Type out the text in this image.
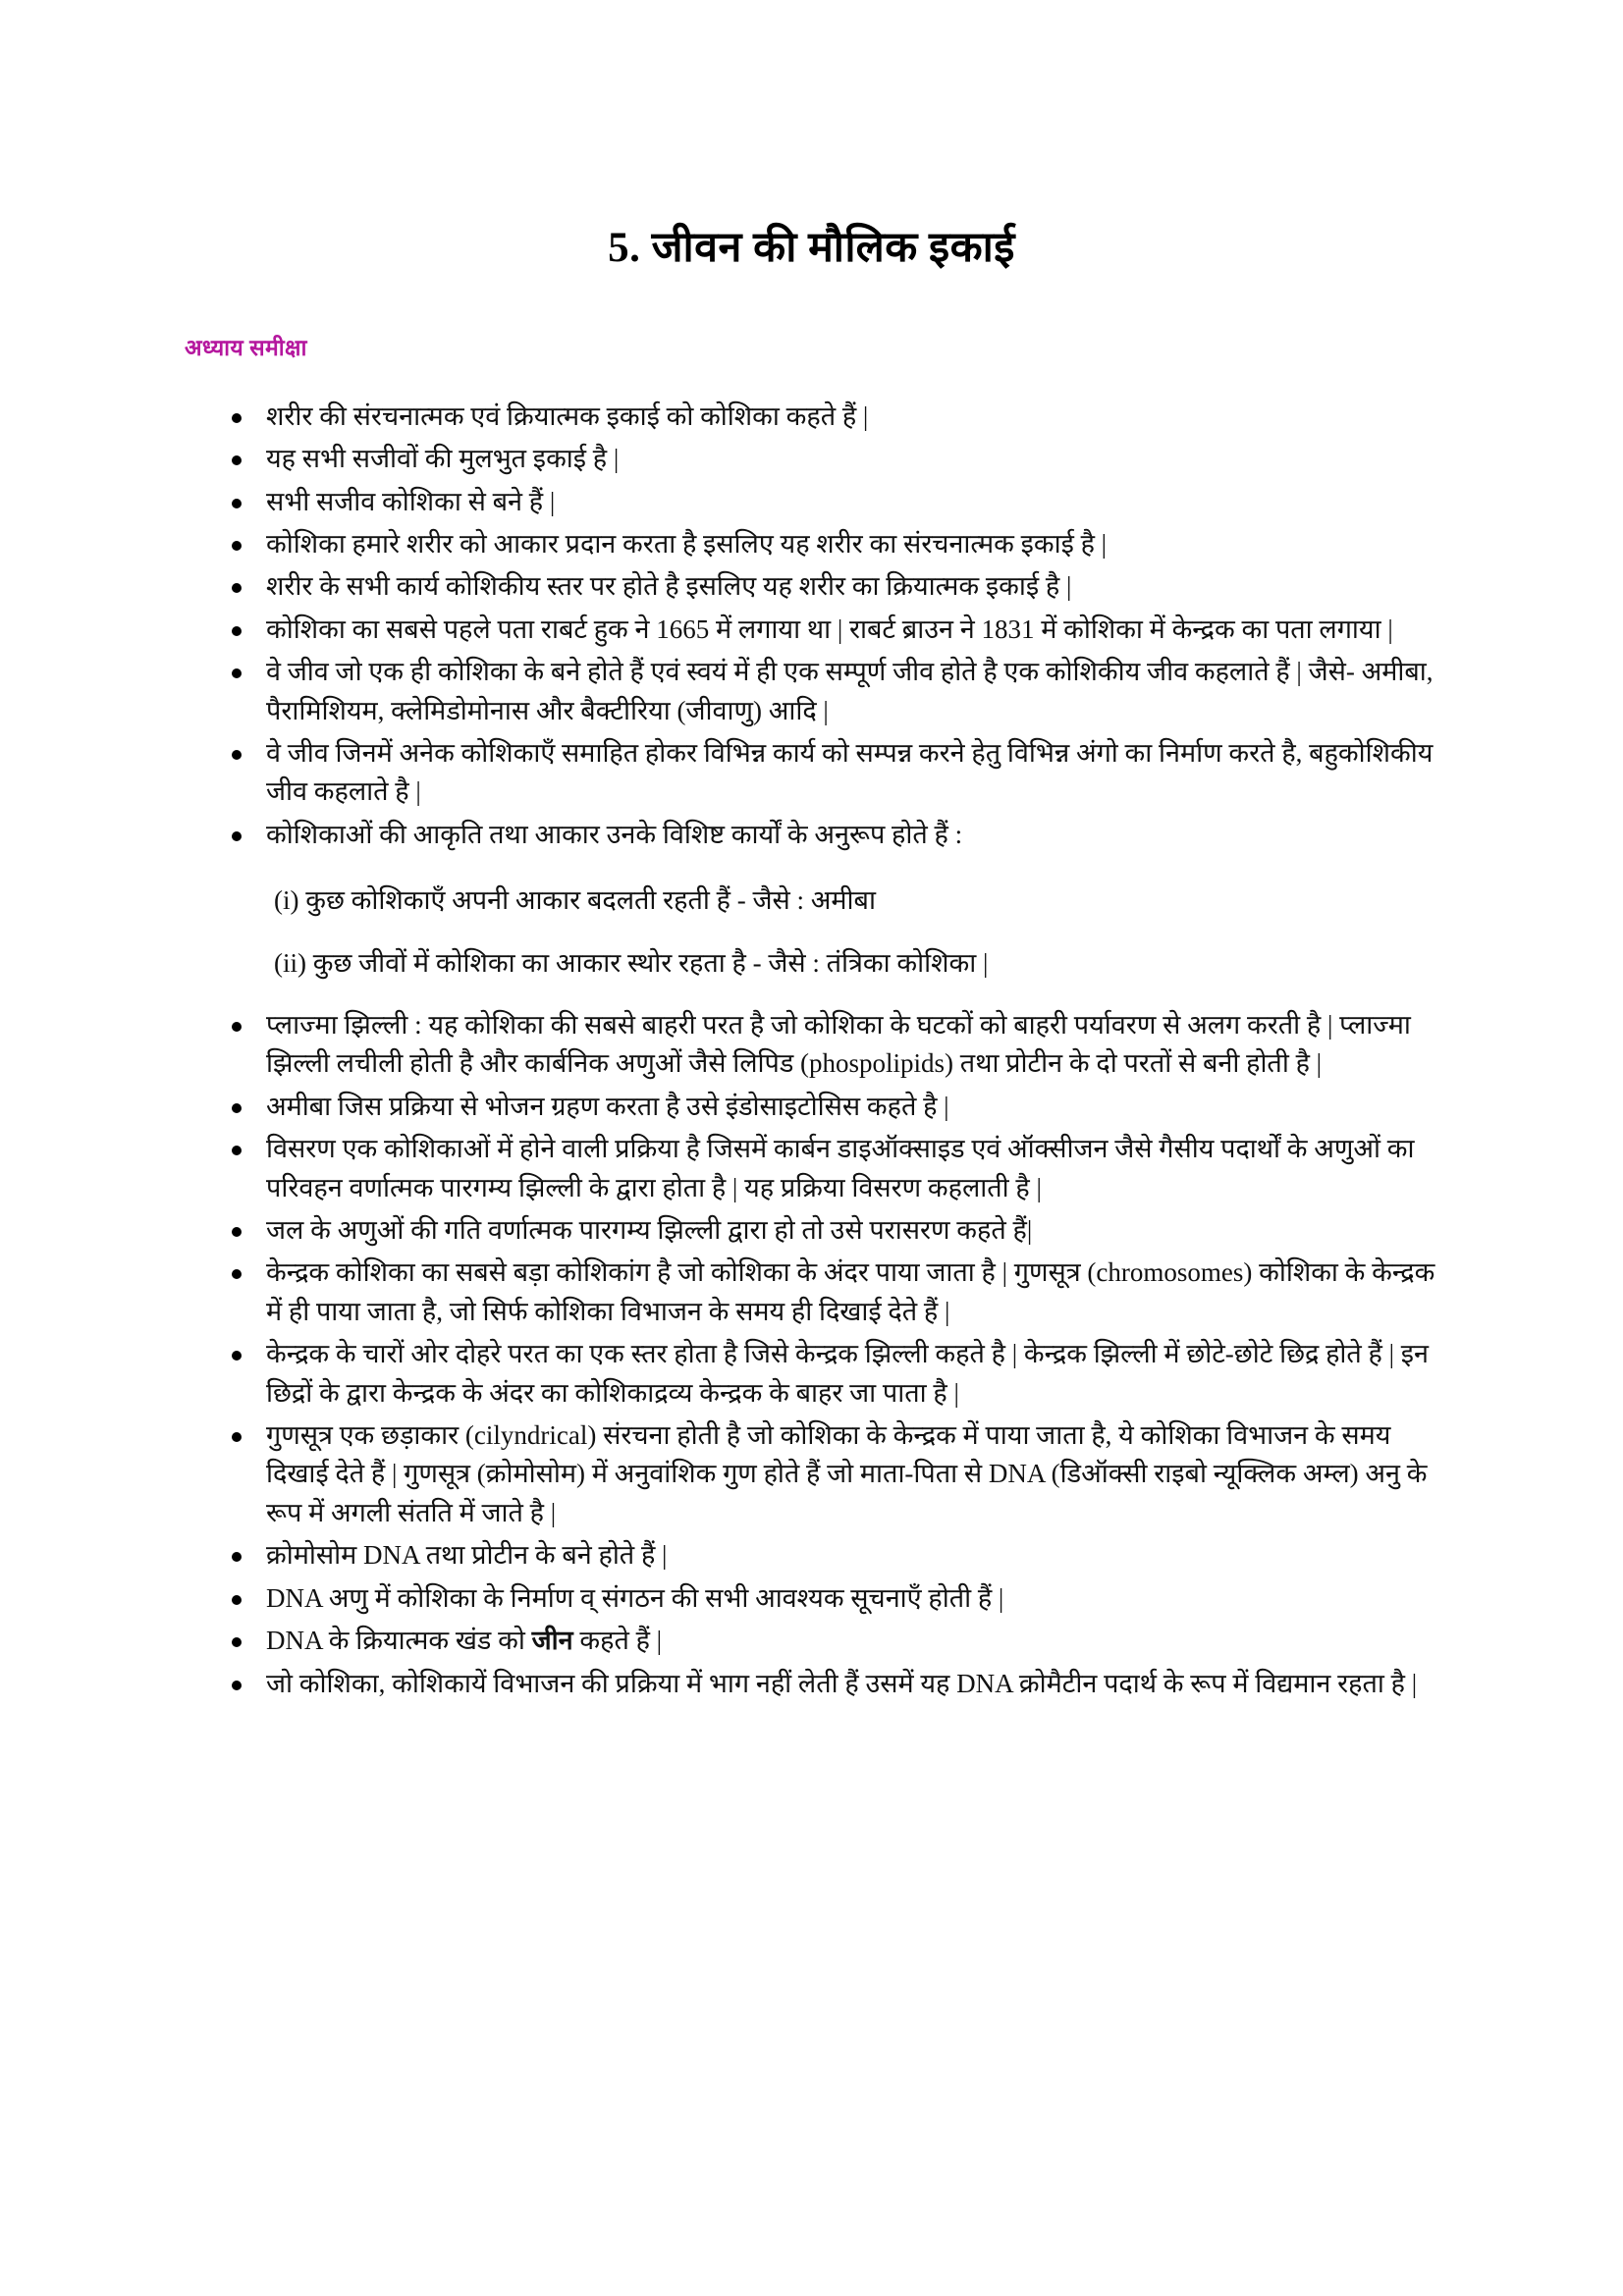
5. जीवन की मौलिक इकाई
अध्याय समीक्षा
शरीर की संरचनात्मक एवं क्रियात्मक इकाई को कोशिका कहते हैं |
यह सभी सजीवों की मुलभुत इकाई है |
सभी सजीव कोशिका से बने हैं |
कोशिका हमारे शरीर को आकार प्रदान करता है इसलिए यह शरीर का संरचनात्मक इकाई है |
शरीर के सभी कार्य कोशिकीय स्तर पर होते है इसलिए यह शरीर का क्रियात्मक इकाई है |
कोशिका का सबसे पहले पता राबर्ट हुक ने 1665 में लगाया था | राबर्ट ब्राउन ने 1831 में कोशिका में केन्द्रक का पता लगाया |
वे जीव जो एक ही कोशिका के बने होते हैं एवं स्वयं में ही एक सम्पूर्ण जीव होते है एक कोशिकीय जीव कहलाते हैं | जैसे- अमीबा, पैरामिशियम, क्लेमिडोमोनास और बैक्टीरिया (जीवाणु) आदि |
वे जीव जिनमें अनेक कोशिकाएँ समाहित होकर विभिन्न कार्य को सम्पन्न करने हेतु विभिन्न अंगो का निर्माण करते है, बहुकोशिकीय जीव कहलाते है |
कोशिकाओं की आकृति तथा आकार उनके विशिष्ट कार्यों के अनुरूप होते हैं :
(i) कुछ कोशिकाएँ अपनी आकार बदलती रहती हैं - जैसे : अमीबा
(ii) कुछ जीवों में कोशिका का आकार स्थोर रहता है - जैसे : तंत्रिका कोशिका |
प्लाज्मा झिल्ली : यह कोशिका की सबसे बाहरी परत है जो कोशिका के घटकों को बाहरी पर्यावरण से अलग करती है | प्लाज्मा झिल्ली लचीली होती है और कार्बनिक अणुओं जैसे लिपिड (phospolipids) तथा प्रोटीन के दो परतों से बनी होती है |
अमीबा जिस प्रक्रिया से भोजन ग्रहण करता है उसे इंडोसाइटोसिस कहते है |
विसरण एक कोशिकाओं में होने वाली प्रक्रिया है जिसमें कार्बन डाइऑक्साइड एवं ऑक्सीजन जैसे गैसीय पदार्थों के अणुओं का परिवहन वर्णात्मक पारगम्य झिल्ली के द्वारा होता है | यह प्रक्रिया विसरण कहलाती है |
जल के अणुओं की गति वर्णात्मक पारगम्य झिल्ली द्वारा हो तो उसे परासरण कहते हैं|
केन्द्रक कोशिका का सबसे बड़ा कोशिकांग है जो कोशिका के अंदर पाया जाता है | गुणसूत्र (chromosomes) कोशिका के केन्द्रक में ही पाया जाता है, जो सिर्फ कोशिका विभाजन के समय ही दिखाई देते हैं |
केन्द्रक के चारों ओर दोहरे परत का एक स्तर होता है जिसे केन्द्रक झिल्ली कहते है | केन्द्रक झिल्ली में छोटे-छोटे छिद्र होते हैं | इन छिद्रों के द्वारा केन्द्रक के अंदर का कोशिकाद्रव्य केन्द्रक के बाहर जा पाता है |
गुणसूत्र एक छड़ाकार (cilyndrical) संरचना होती है जो कोशिका के केन्द्रक में पाया जाता है, ये कोशिका विभाजन के समय दिखाई देते हैं | गुणसूत्र (क्रोमोसोम) में अनुवांशिक गुण होते हैं जो माता-पिता से DNA (डिऑक्सी राइबो न्यूक्लिक अम्ल) अनु के रूप में अगली संतति में जाते है |
क्रोमोसोम DNA तथा प्रोटीन के बने होते हैं |
DNA अणु में कोशिका के निर्माण व् संगठन की सभी आवश्यक सूचनाएँ होती हैं |
DNA के क्रियात्मक खंड को जीन कहते हैं |
जो कोशिका, कोशिकायें विभाजन की प्रक्रिया में भाग नहीं लेती हैं उसमें यह DNA क्रोमैटीन पदार्थ के रूप में विद्यमान रहता है |
